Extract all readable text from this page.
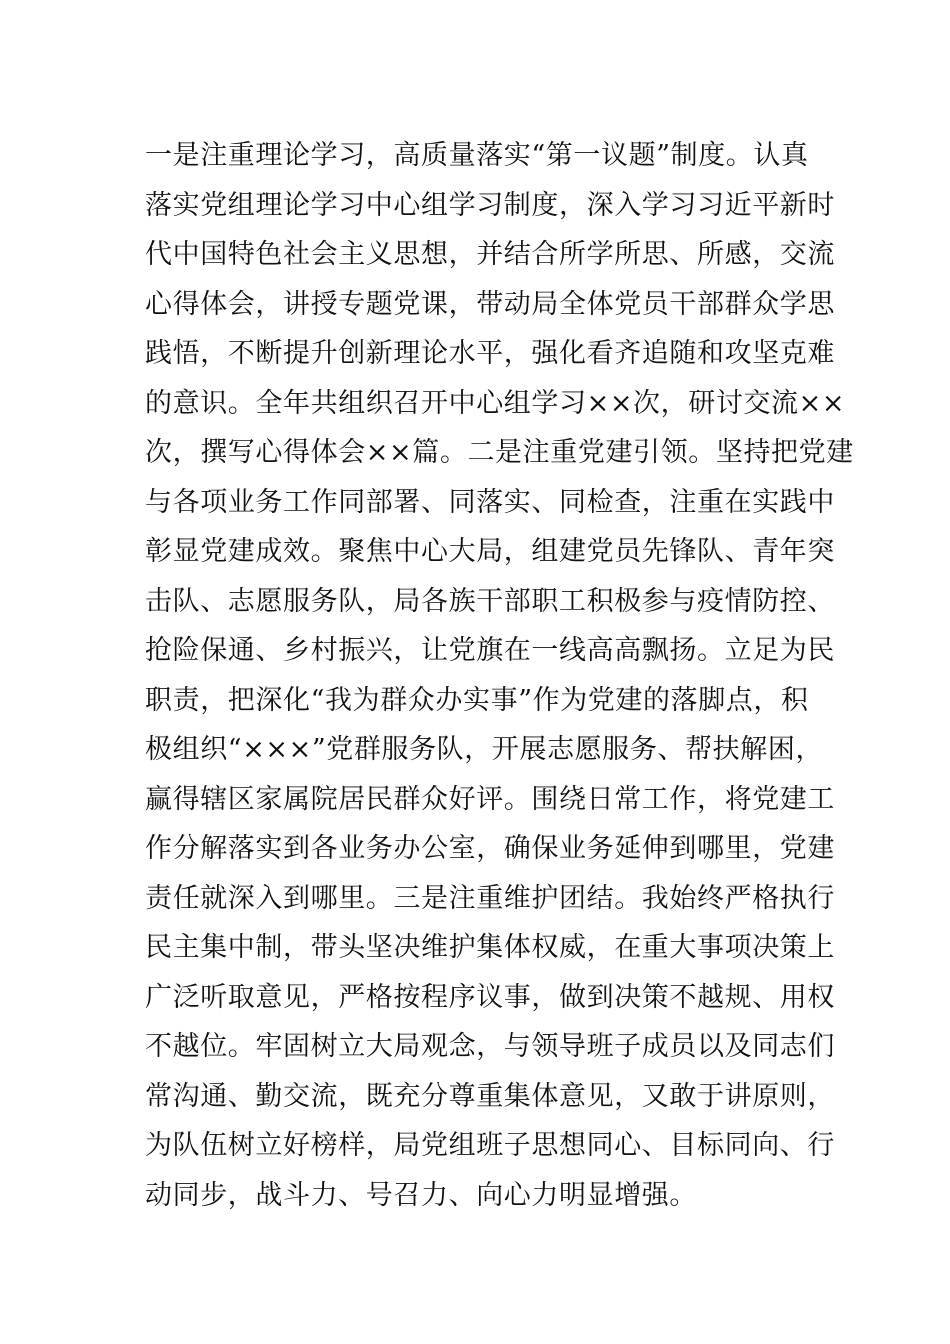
一是注重理论学习，高质量落实“第一议题”制度。认真
落实党组理论学习中心组学习制度，深入学习习近平新时
代中国特色社会主义思想，并结合所学所思、所感，交流
心得体会，讲授专题党课，带动局全体党员干部群众学思
践悟，不断提升创新理论水平，强化看齐追随和攻坚克难
的意识。全年共组织召开中心组学习××次，研讨交流××
次，撰写心得体会××篇。二是注重党建引领。坚持把党建
与各项业务工作同部署、同落实、同检查，注重在实践中
彰显党建成效。聚焦中心大局，组建党员先锋队、青年突
击队、志愿服务队，局各族干部职工积极参与疫情防控、
抢险保通、乡村振兴，让党旗在一线高高飘扬。立足为民
职责，把深化“我为群众办实事”作为党建的落脚点，积
极组织“×××”党群服务队，开展志愿服务、帮扶解困，
赢得辖区家属院居民群众好评。围绕日常工作，将党建工
作分解落实到各业务办公室，确保业务延伸到哪里，党建
责任就深入到哪里。三是注重维护团结。我始终严格执行
民主集中制，带头坚决维护集体权威，在重大事项决策上
广泛听取意见，严格按程序议事，做到决策不越规、用权
不越位。牢固树立大局观念，与领导班子成员以及同志们
常沟通、勤交流，既充分尊重集体意见，又敢于讲原则，
为队伍树立好榜样，局党组班子思想同心、目标同向、行
动同步，战斗力、号召力、向心力明显增强。
